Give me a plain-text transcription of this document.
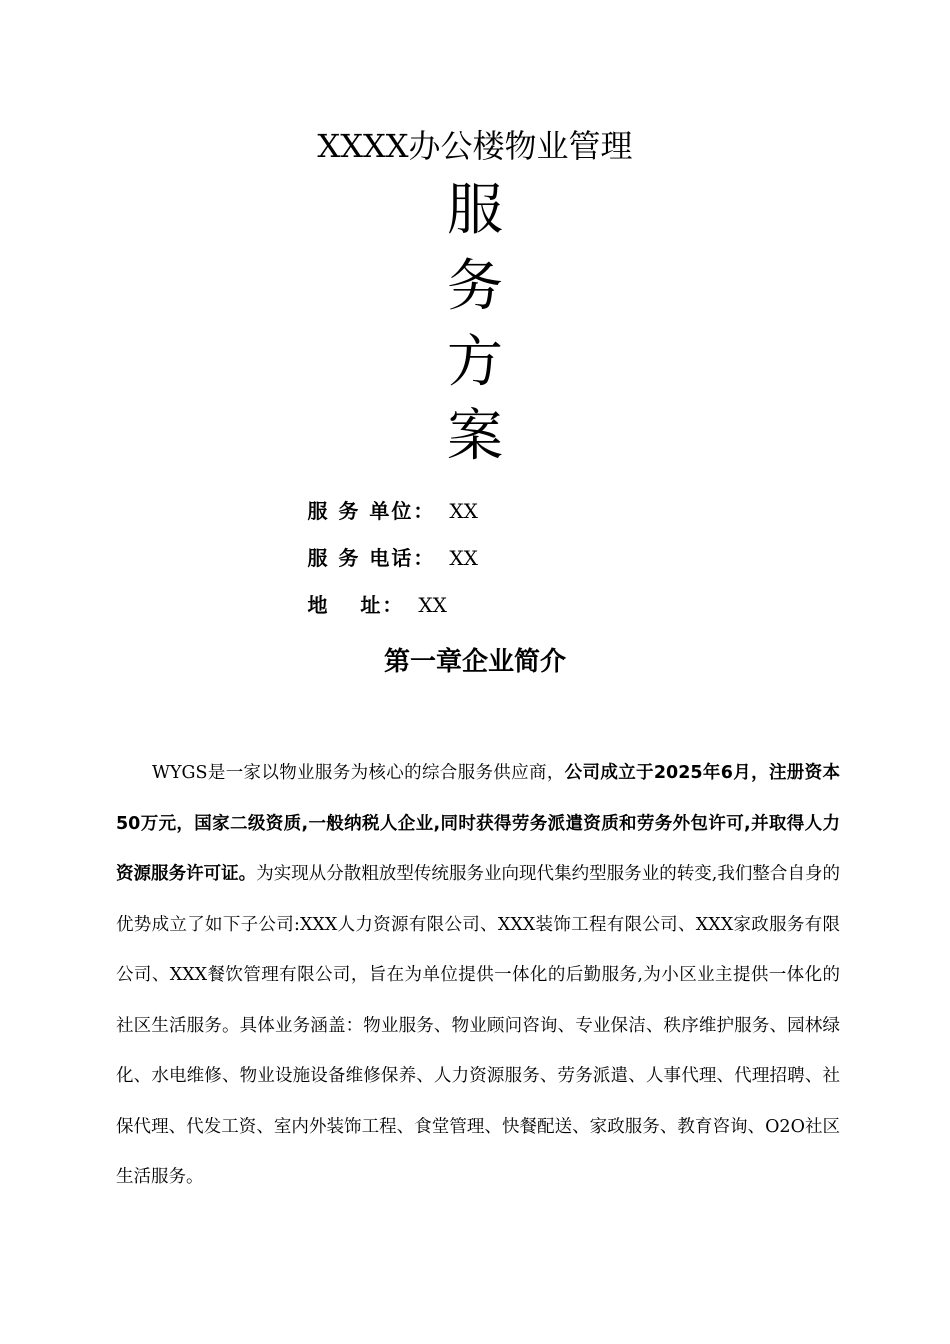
XXXX办公楼物业管理
服
务
方
案

服 务 单位： XX

服 务 电话： XX

地　 址： XX

第一章企业简介

WYGS是一家以物业服务为核心的综合服务供应商，公司成立于2025年6月，注册资本50万元，国家二级资质,一般纳税人企业,同时获得劳务派遣资质和劳务外包许可,并取得人力资源服务许可证。为实现从分散粗放型传统服务业向现代集约型服务业的转变,我们整合自身的优势成立了如下子公司:XXX人力资源有限公司、XXX装饰工程有限公司、XXX家政服务有限公司、XXX餐饮管理有限公司，旨在为单位提供一体化的后勤服务,为小区业主提供一体化的社区生活服务。具体业务涵盖：物业服务、物业顾问咨询、专业保洁、秩序维护服务、园林绿化、水电维修、物业设施设备维修保养、人力资源服务、劳务派遣、人事代理、代理招聘、社保代理、代发工资、室内外装饰工程、食堂管理、快餐配送、家政服务、教育咨询、O2O社区生活服务。
